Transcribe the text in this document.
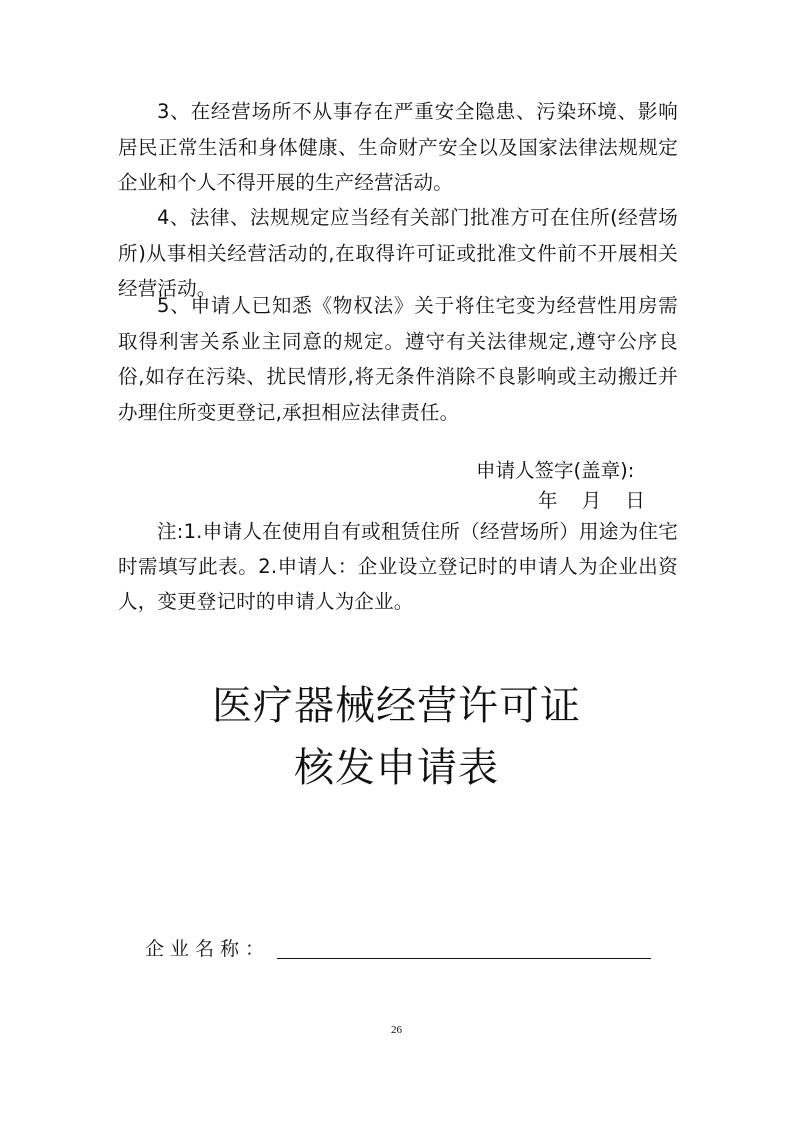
3、在经营场所不从事存在严重安全隐患、污染环境、影响居民正常生活和身体健康、生命财产安全以及国家法律法规规定企业和个人不得开展的生产经营活动。

4、法律、法规规定应当经有关部门批准方可在住所(经营场所)从事相关经营活动的,在取得许可证或批准文件前不开展相关经营活动。

5、申请人已知悉《物权法》关于将住宅变为经营性用房需取得利害关系业主同意的规定。遵守有关法律规定,遵守公序良俗,如存在污染、扰民情形,将无条件消除不良影响或主动搬迁并办理住所变更登记,承担相应法律责任。

申请人签字(盖章):
年 月 日

注:1.申请人在使用自有或租赁住所（经营场所）用途为住宅时需填写此表。2.申请人：企业设立登记时的申请人为企业出资人，变更登记时的申请人为企业。

医疗器械经营许可证
核发申请表
企业名称：
26
